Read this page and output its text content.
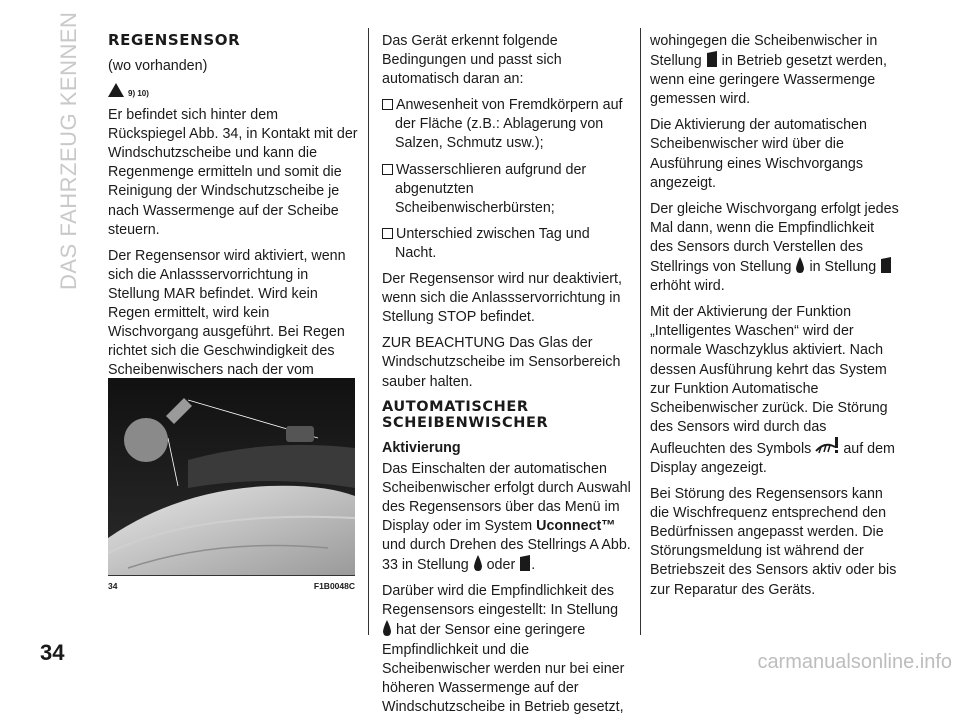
DAS FAHRZEUG KENNEN REGENSENSOR

(wo vorhanden)

9) 10)

Er befindet sich hinter dem Rückspiegel Abb. 34, in Kontakt mit der Windschutzscheibe und kann die Regenmenge ermitteln und somit die Reinigung der Windschutzscheibe je nach Wassermenge auf der Scheibe steuern.

Der Regensensor wird aktiviert, wenn sich die Anlassservorrichtung in Stellung MAR befindet. Wird kein Regen ermittelt, wird kein Wischvorgang ausgeführt. Bei Regen richtet sich die Geschwindigkeit des Scheibenwischers nach der vom

34	F1B0048C

Das Gerät erkennt folgende Bedingungen und passt sich automatisch daran an:

Anwesenheit von Fremdkörpern auf der Fläche (z.B.: Ablagerung von Salzen, Schmutz usw.);

Wasserschlieren aufgrund der abgenutzten Scheibenwischerbürsten;

Unterschied zwischen Tag und Nacht.

Der Regensensor wird nur deaktiviert, wenn sich die Anlassservorrichtung in Stellung STOP befindet.

ZUR BEACHTUNG Das Glas der Windschutzscheibe im Sensorbereich sauber halten.

AUTOMATISCHER SCHEIBENWISCHER
Aktivierung

Das Einschalten der automatischen Scheibenwischer erfolgt durch Auswahl des Regensensors über das Menü im Display oder im System Uconnect™ und durch Drehen des Stellrings A Abb. 33 in Stellung oder .

Darüber wird die Empfindlichkeit des Regensensors eingestellt: In Stellung  hat der Sensor eine geringere Empfindlichkeit und die Scheibenwischer werden nur bei einer höheren Wassermenge auf der Windschutzscheibe in Betrieb gesetzt,

wohingegen die Scheibenwischer in Stellung in Betrieb gesetzt werden, wenn eine geringere Wassermenge gemessen wird.

Die Aktivierung der automatischen Scheibenwischer wird über die Ausführung eines Wischvorgangs angezeigt.

Der gleiche Wischvorgang erfolgt jedes Mal dann, wenn die Empfindlichkeit des Sensors durch Verstellen des Stellrings von Stellung in Stellung  erhöht wird.

Mit der Aktivierung der Funktion „Intelligentes Waschen“ wird der normale Waschzyklus aktiviert. Nach dessen Ausführung kehrt das System zur Funktion Automatische Scheibenwischer zurück. Die Störung des Sensors wird durch das Aufleuchten des Symbols auf dem Display angezeigt.

Bei Störung des Regensensors kann die Wischfrequenz entsprechend den Bedürfnissen angepasst werden. Die Störungsmeldung ist während der Betriebszeit des Sensors aktiv oder bis zur Reparatur des Geräts.

34	carmanualsonline.info
